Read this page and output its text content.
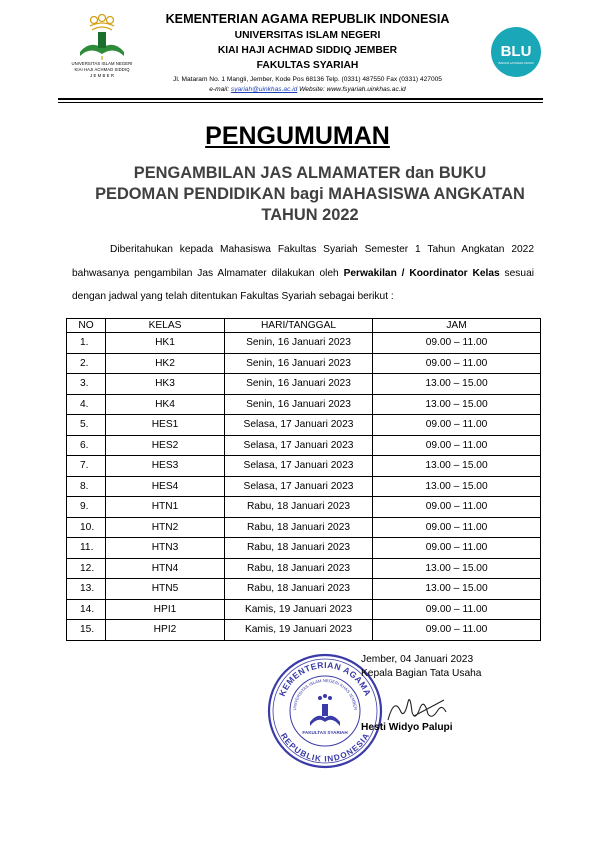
UNIVERSITAS ISLAM NEGERI
KIAI HAJI ACHMAD SIDDIQ
J E M B E R
BLU
BADAN LAYANAN UMUM
KEMENTERIAN AGAMA REPUBLIK INDONESIA
UNIVERSITAS ISLAM NEGERI
KIAI HAJI ACHMAD SIDDIQ JEMBER
FAKULTAS SYARIAH
Jl. Mataram No. 1 Mangli, Jember, Kode Pos 68136 Telp. (0331) 487550 Fax (0331) 427005
e-mail: syariah@uinkhas.ac.id Website: www.fsyariah.uinkhas.ac.id
PENGUMUMAN
PENGAMBILAN JAS ALMAMATER dan BUKU
PEDOMAN PENDIDIKAN bagi MAHASISWA ANGKATAN
TAHUN 2022
Diberitahukan kepada Mahasiswa Fakultas Syariah Semester 1 Tahun Angkatan 2022 bahwasanya pengambilan Jas Almamater dilakukan oleh Perwakilan / Koordinator Kelas sesuai dengan jadwal yang telah ditentukan Fakultas Syariah sebagai berikut :
NO	KELAS	HARI/TANGGAL	JAM
1.	HK1	Senin, 16 Januari 2023	09.00 – 11.00
2.	HK2	Senin, 16 Januari 2023	09.00 – 11.00
3.	HK3	Senin, 16 Januari 2023	13.00 – 15.00
4.	HK4	Senin, 16 Januari 2023	13.00 – 15.00
5.	HES1	Selasa, 17 Januari 2023	09.00 – 11.00
6.	HES2	Selasa, 17 Januari 2023	09.00 – 11.00
7.	HES3	Selasa, 17 Januari 2023	13.00 – 15.00
8.	HES4	Selasa, 17 Januari 2023	13.00 – 15.00
9.	HTN1	Rabu, 18 Januari 2023	09.00 – 11.00
10.	HTN2	Rabu, 18 Januari 2023	09.00 – 11.00
11.	HTN3	Rabu, 18 Januari 2023	09.00 – 11.00
12.	HTN4	Rabu, 18 Januari 2023	13.00 – 15.00
13.	HTN5	Rabu, 18 Januari 2023	13.00 – 15.00
14.	HPI1	Kamis, 19 Januari 2023	09.00 – 11.00
15.	HPI2	Kamis, 19 Januari 2023	09.00 – 11.00
KEMENTERIAN AGAMA
REPUBLIK INDONESIA
UNIVERSITAS ISLAM NEGERI KHAS JEMBER
FAKULTAS SYARIAH
Jember, 04 Januari 2023
Kepala Bagian Tata Usaha
Hesti Widyo Palupi
